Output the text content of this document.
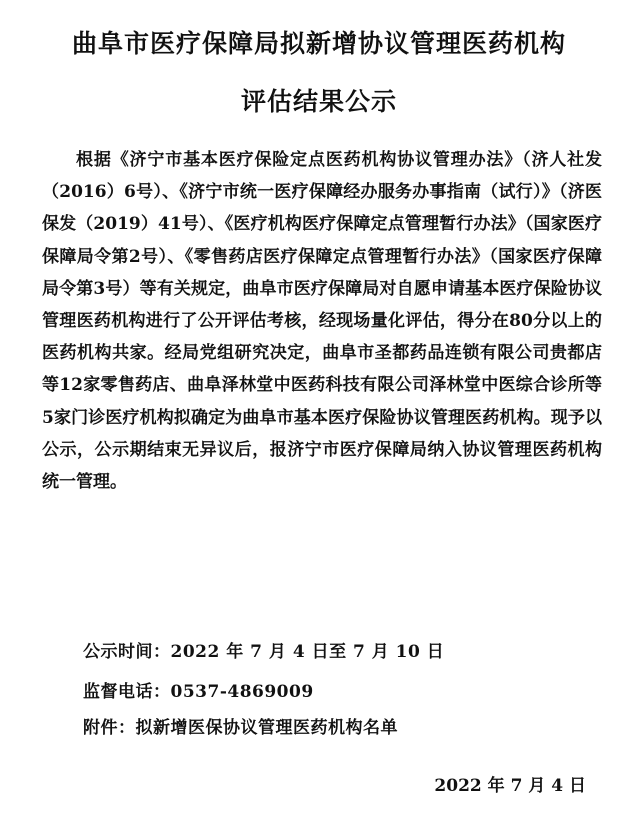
曲阜市医疗保障局拟新增协议管理医药机构
评估结果公示

根据《济宁市基本医疗保险定点医药机构协议管理办法》（济人社发（2016）6号）、《济宁市统一医疗保障经办服务办事指南（试行）》（济医保发（2019）41号）、《医疗机构医疗保障定点管理暂行办法》（国家医疗保障局令第2号）、《零售药店医疗保障定点管理暂行办法》（国家医疗保障局令第3号）等有关规定，曲阜市医疗保障局对自愿申请基本医疗保险协议管理医药机构进行了公开评估考核，经现场量化评估，得分在80分以上的医药机构共家。经局党组研究决定，曲阜市圣都药品连锁有限公司贵都店等12家零售药店、曲阜泽林堂中医药科技有限公司泽林堂中医综合诊所等5家门诊医疗机构拟确定为曲阜市基本医疗保险协议管理医药机构。现予以公示，公示期结束无异议后，报济宁市医疗保障局纳入协议管理医药机构统一管理。

公示时间：2022 年 7 月 4 日至 7 月 10 日
监督电话：0537-4869009
附件：拟新增医保协议管理医药机构名单
2022 年 7 月 4 日
